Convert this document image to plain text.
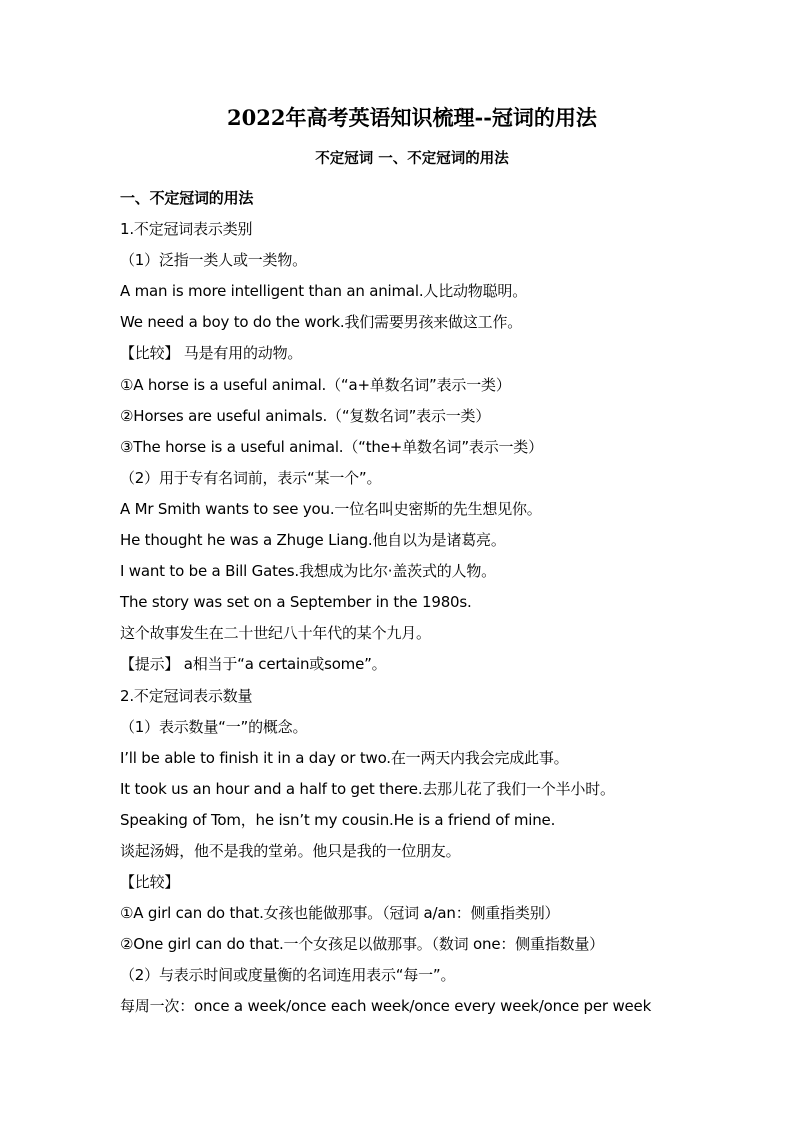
2022年高考英语知识梳理--冠词的用法
不定冠词 一、不定冠词的用法
一、不定冠词的用法
1.不定冠词表示类别
（1）泛指一类人或一类物。
A man is more intelligent than an animal.人比动物聪明。
We need a boy to do the work.我们需要男孩来做这工作。
【比较】 马是有用的动物。
①A horse is a useful animal.（“a+单数名词”表示一类）
②Horses are useful animals.（“复数名词”表示一类）
③The horse is a useful animal.（“the+单数名词”表示一类）
（2）用于专有名词前，表示“某一个”。
A Mr Smith wants to see you.一位名叫史密斯的先生想见你。
He thought he was a Zhuge Liang.他自以为是诸葛亮。
I want to be a Bill Gates.我想成为比尔·盖茨式的人物。
The story was set on a September in the 1980s.
这个故事发生在二十世纪八十年代的某个九月。
【提示】 a相当于“a certain或some”。
2.不定冠词表示数量
（1）表示数量“一”的概念。
I’ll be able to finish it in a day or two.在一两天内我会完成此事。
It took us an hour and a half to get there.去那儿花了我们一个半小时。
Speaking of Tom，he isn’t my cousin.He is a friend of mine.
谈起汤姆，他不是我的堂弟。他只是我的一位朋友。
【比较】
①A girl can do that.女孩也能做那事。（冠词 a/an：侧重指类别）
②One girl can do that.一个女孩足以做那事。（数词 one：侧重指数量）
（2）与表示时间或度量衡的名词连用表示“每一”。
每周一次：once a week/once each week/once every week/once per week
